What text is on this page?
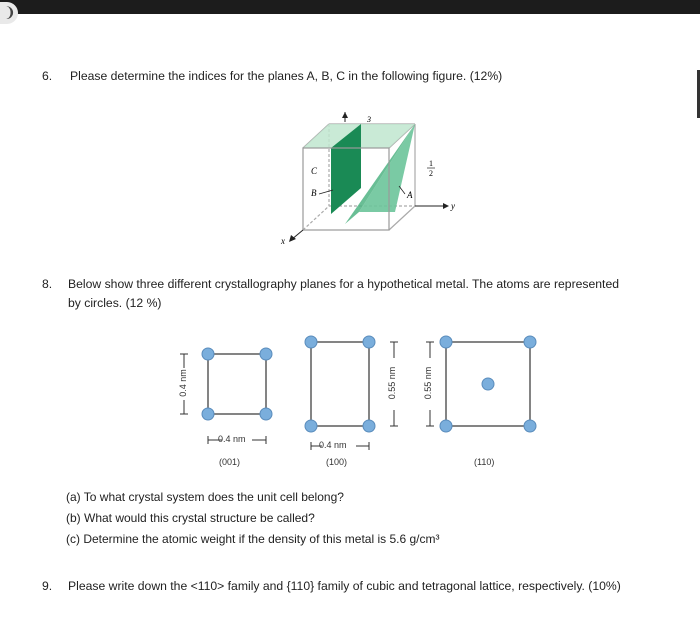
❩
6. Please determine the indices for the planes A, B, C in the following figure. (12%)
3
C
B	A
1
2
y
x
8. Below show three different crystallography planes for a hypothetical metal. The atoms are represented
by circles. (12 %)
0.4 nm
0.4 nm
(001)
0.55 nm
0.4 nm
(100)
0.55 nm
(110)
(a) To what crystal system does the unit cell belong?
(b) What would this crystal structure be called?
(c) Determine the atomic weight if the density of this metal is 5.6 g/cm³
9. Please write down the <110> family and {110} family of cubic and tetragonal lattice, respectively. (10%)
